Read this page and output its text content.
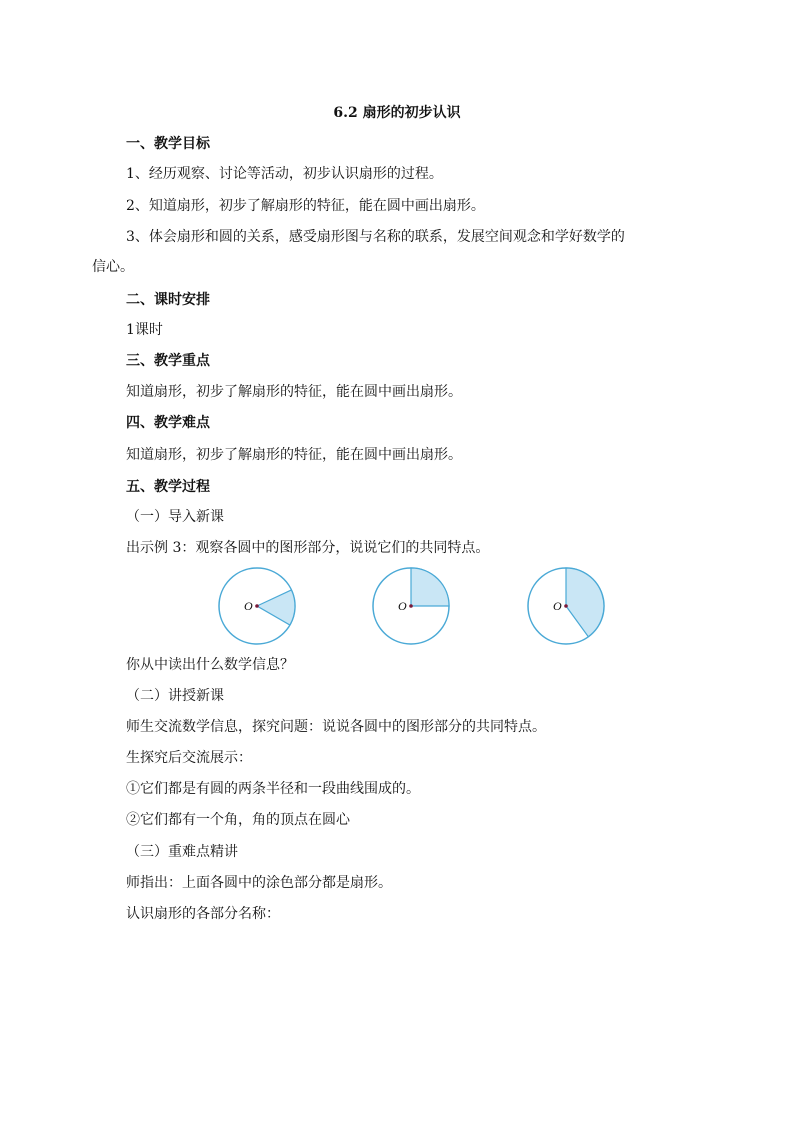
6.2 扇形的初步认识
一、教学目标
1、经历观察、讨论等活动，初步认识扇形的过程。
2、知道扇形，初步了解扇形的特征，能在圆中画出扇形。
3、体会扇形和圆的关系，感受扇形图与名称的联系，发展空间观念和学好数学的
信心。
二、课时安排
1课时
三、教学重点
知道扇形，初步了解扇形的特征，能在圆中画出扇形。
四、教学难点
知道扇形，初步了解扇形的特征，能在圆中画出扇形。
五、教学过程
（一）导入新课
出示例 3：观察各圆中的图形部分，说说它们的共同特点。
O	O	O
你从中读出什么数学信息？
（二）讲授新课
师生交流数学信息，探究问题：说说各圆中的图形部分的共同特点。
生探究后交流展示：
①它们都是有圆的两条半径和一段曲线围成的。
②它们都有一个角，角的顶点在圆心
（三）重难点精讲
师指出：上面各圆中的涂色部分都是扇形。
认识扇形的各部分名称：
